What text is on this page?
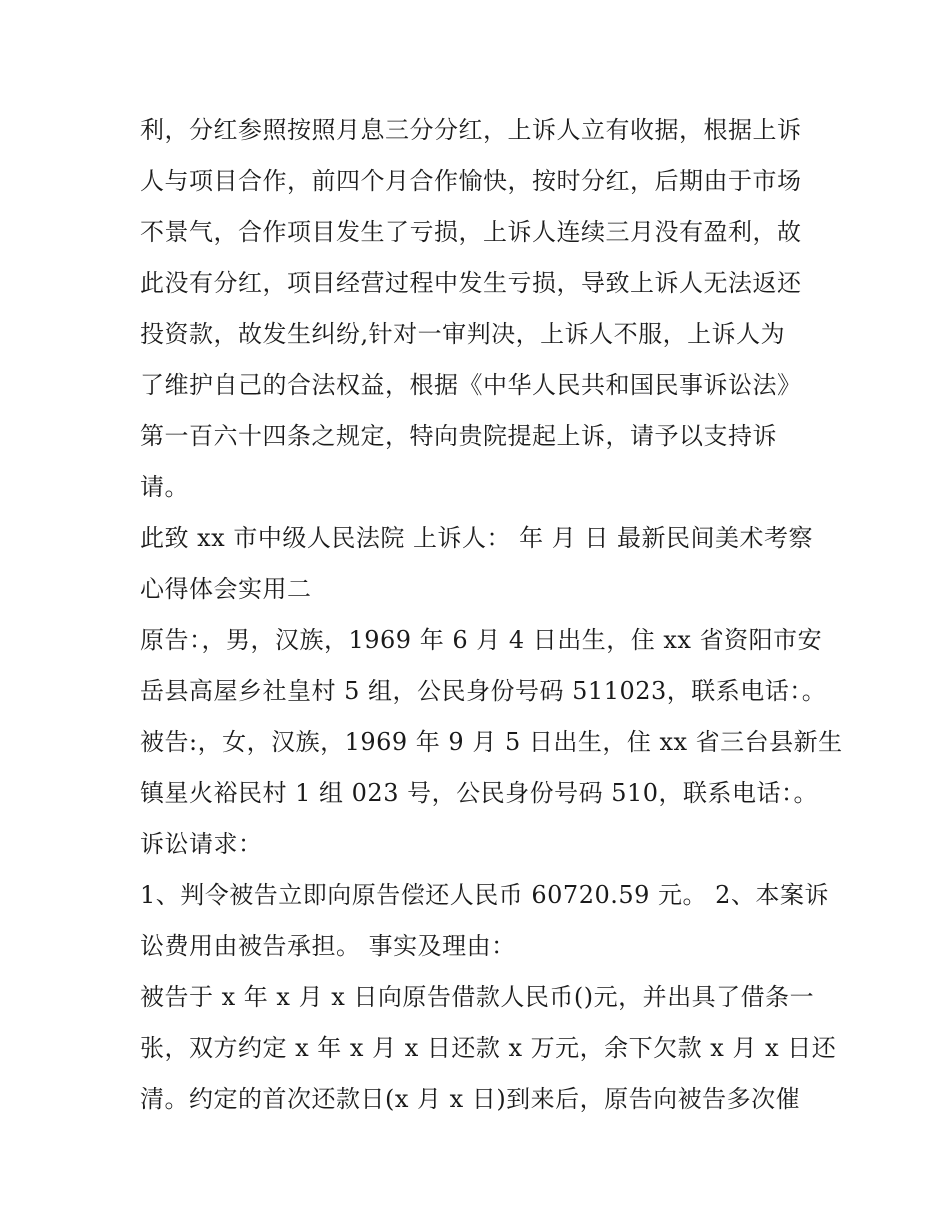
利，分红参照按照月息三分分红，上诉人立有收据，根据上诉
人与项目合作，前四个月合作愉快，按时分红，后期由于市场
不景气，合作项目发生了亏损，上诉人连续三月没有盈利，故
此没有分红，项目经营过程中发生亏损，导致上诉人无法返还
投资款，故发生纠纷,针对一审判决，上诉人不服，上诉人为
了维护自己的合法权益，根据《中华人民共和国民事诉讼法》
第一百六十四条之规定，特向贵院提起上诉，请予以支持诉
请。
此致 xx 市中级人民法院 上诉人： 年 月 日 最新民间美术考察
心得体会实用二
原告：，男，汉族，1969 年 6 月 4 日出生，住 xx 省资阳市安
岳县高屋乡社皇村 5 组，公民身份号码 511023，联系电话：。
被告:，女，汉族，1969 年 9 月 5 日出生，住 xx 省三台县新生
镇星火裕民村 1 组 023 号，公民身份号码 510，联系电话：。
诉讼请求：
1、判令被告立即向原告偿还人民币 60720.59 元。 2、本案诉
讼费用由被告承担。 事实及理由：
被告于 x 年 x 月 x 日向原告借款人民币()元，并出具了借条一
张，双方约定 x 年 x 月 x 日还款 x 万元，余下欠款 x 月 x 日还
清。约定的首次还款日(x 月 x 日)到来后，原告向被告多次催
